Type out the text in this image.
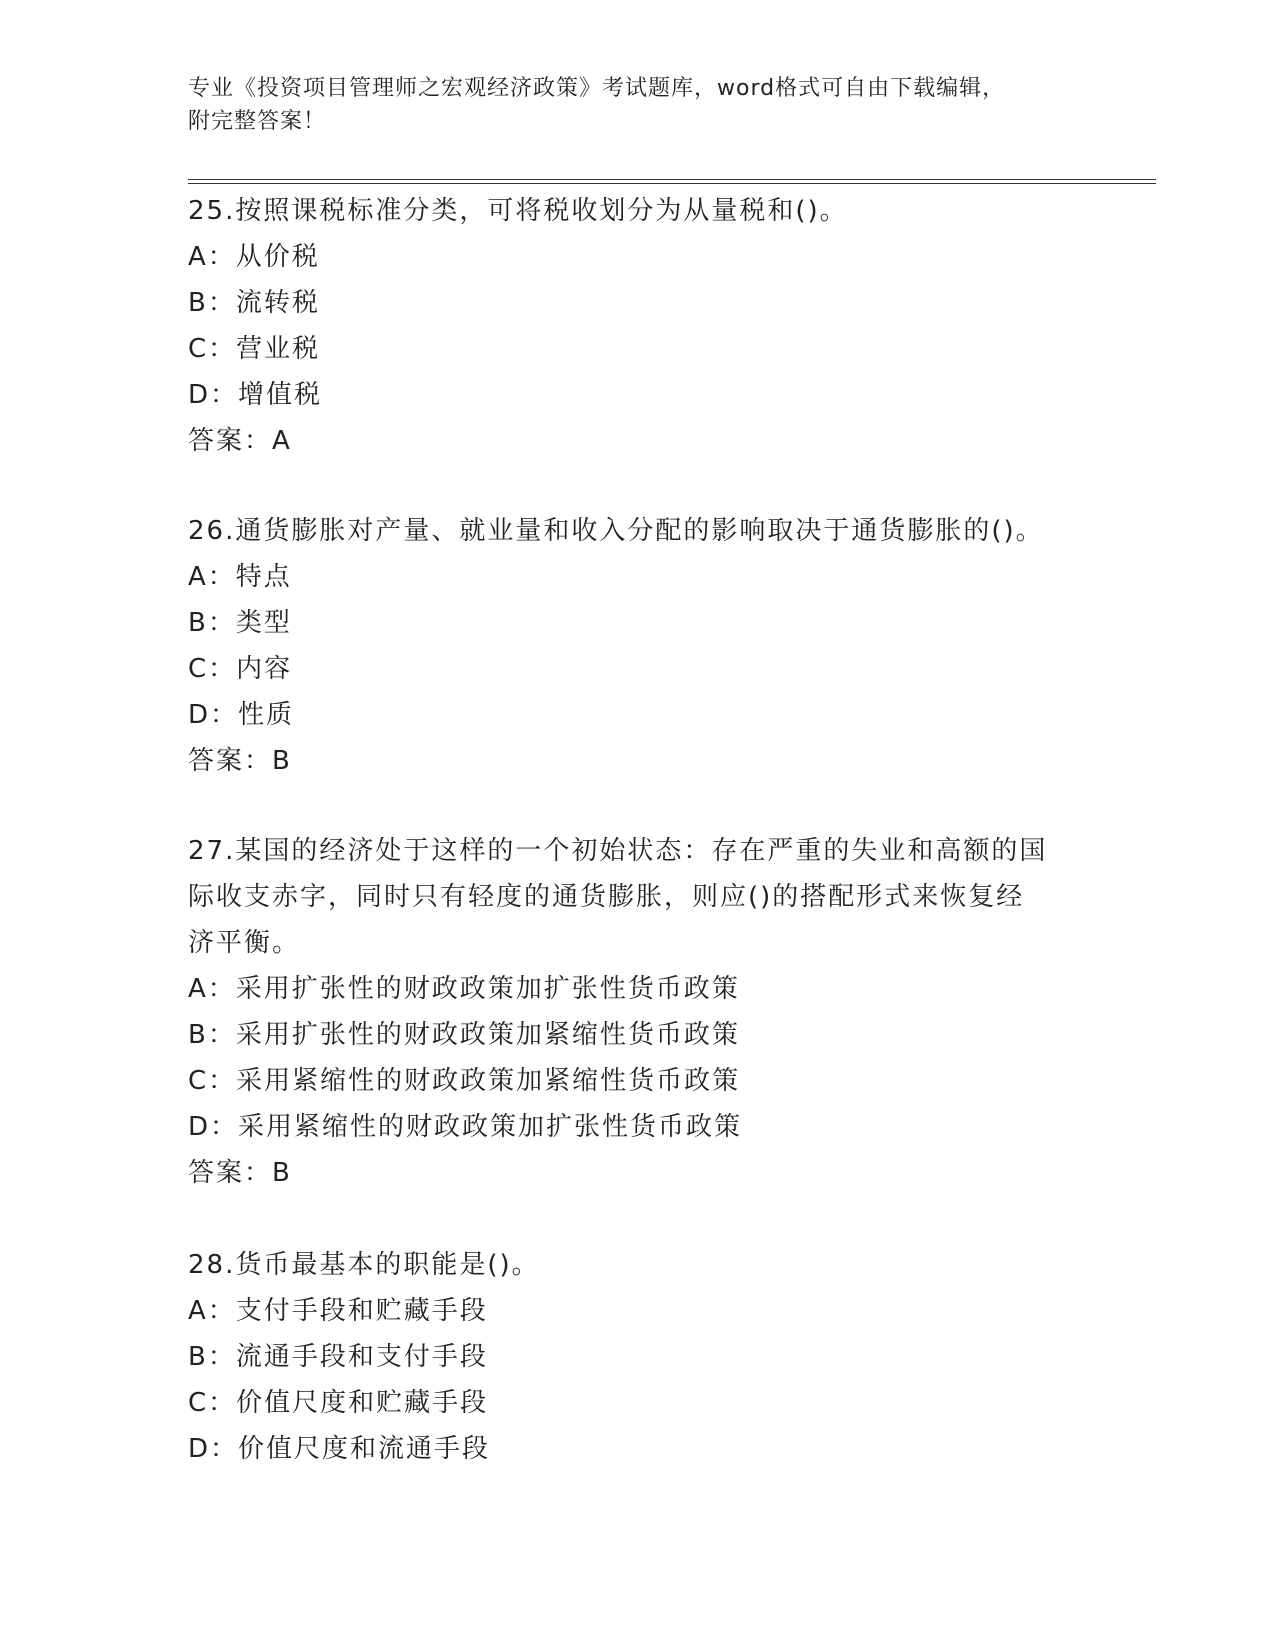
专业《投资项目管理师之宏观经济政策》考试题库，word格式可自由下载编辑，
附完整答案！
25.按照课税标准分类，可将税收划分为从量税和()。
A：从价税
B：流转税
C：营业税
D：增值税
答案：A
26.通货膨胀对产量、就业量和收入分配的影响取决于通货膨胀的()。
A：特点
B：类型
C：内容
D：性质
答案：B
27.某国的经济处于这样的一个初始状态：存在严重的失业和高额的国
际收支赤字，同时只有轻度的通货膨胀，则应()的搭配形式来恢复经
济平衡。
A：采用扩张性的财政政策加扩张性货币政策
B：采用扩张性的财政政策加紧缩性货币政策
C：采用紧缩性的财政政策加紧缩性货币政策
D：采用紧缩性的财政政策加扩张性货币政策
答案：B
28.货币最基本的职能是()。
A：支付手段和贮藏手段
B：流通手段和支付手段
C：价值尺度和贮藏手段
D：价值尺度和流通手段
